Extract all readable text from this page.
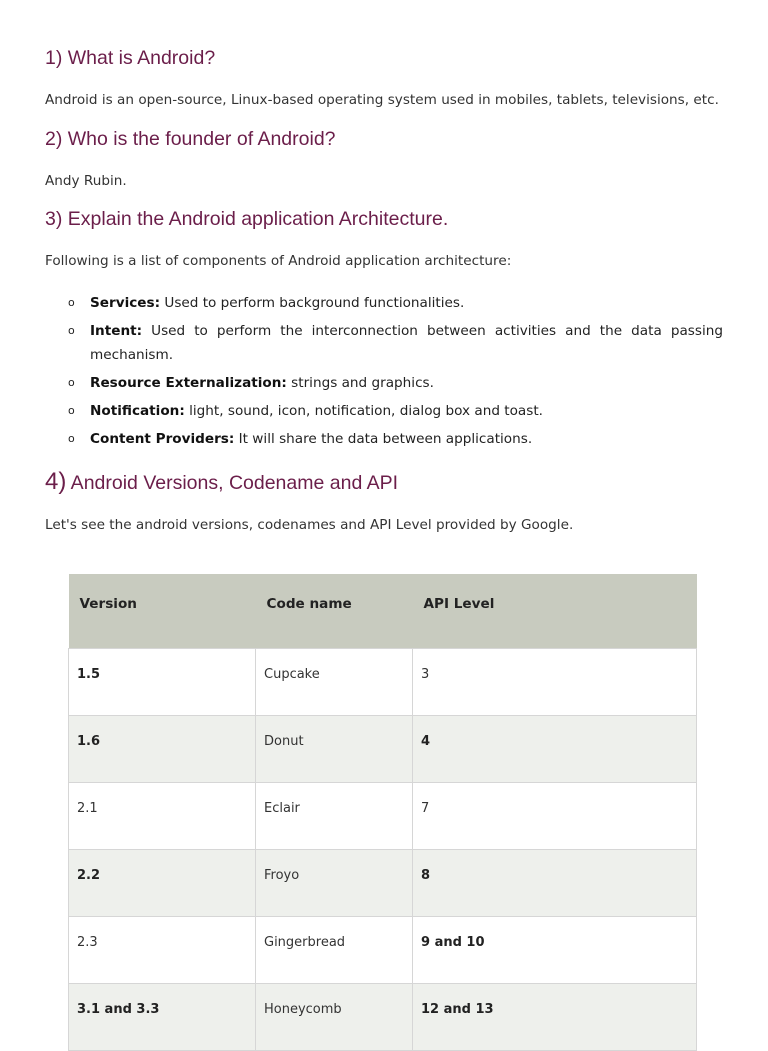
1) What is Android?

Android is an open-source, Linux-based operating system used in mobiles, tablets, televisions, etc.

2) Who is the founder of Android?

Andy Rubin.

3) Explain the Android application Architecture.

Following is a list of components of Android application architecture:

o Services: Used to perform background functionalities.
o Intent: Used to perform the interconnection between activities and the data passing mechanism.
o Resource Externalization: strings and graphics.
o Notification: light, sound, icon, notification, dialog box and toast.
o Content Providers: It will share the data between applications.
4) Android Versions, Codename and API

Let's see the android versions, codenames and API Level provided by Google.

Version	Code name	API Level
1.5	Cupcake	3
1.6	Donut	4
2.1	Eclair	7
2.2	Froyo	8
2.3	Gingerbread	9 and 10
3.1 and 3.3	Honeycomb	12 and 13
